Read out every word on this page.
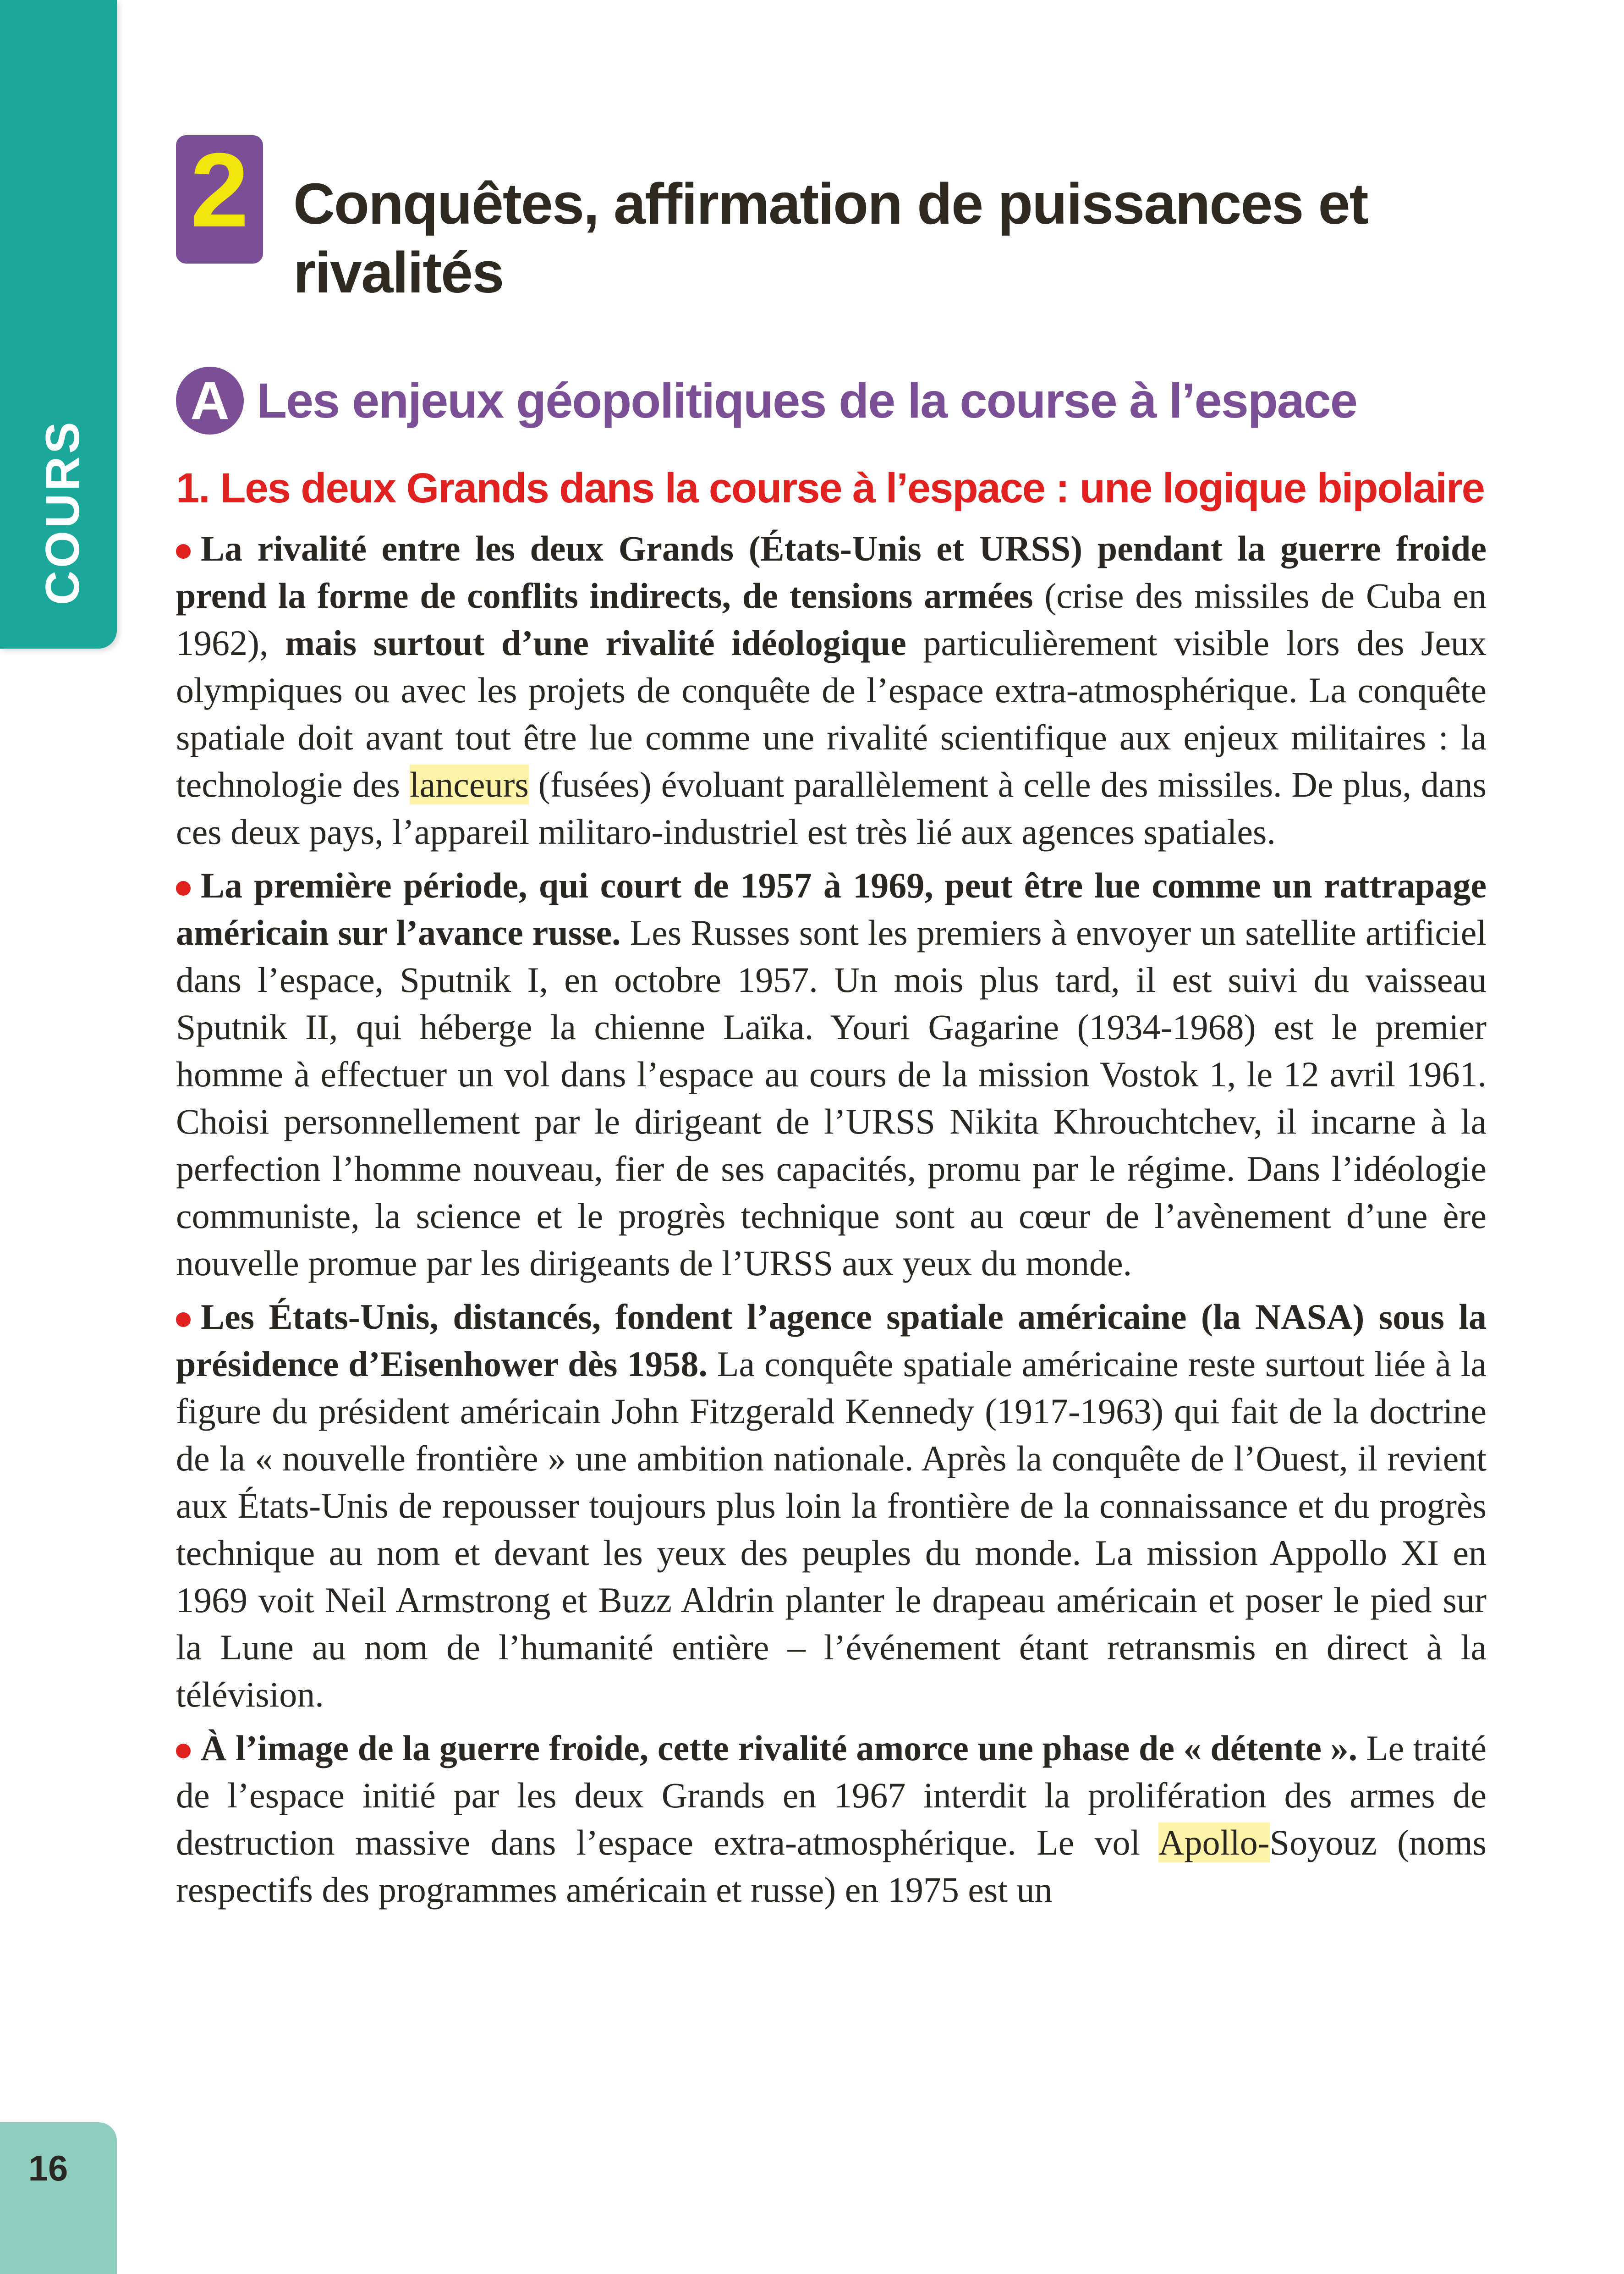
COURS
16
2 Conquêtes, affirmation de puissances et rivalités
A Les enjeux géopolitiques de la course à l’espace
1. Les deux Grands dans la course à l’espace : une logique bipolaire

La rivalité entre les deux Grands (États-Unis et URSS) pendant la guerre froide prend la forme de conflits indirects, de tensions armées (crise des missiles de Cuba en 1962), mais surtout d’une rivalité idéologique particulièrement visible lors des Jeux olympiques ou avec les projets de conquête de l’espace extra-atmosphérique. La conquête spatiale doit avant tout être lue comme une rivalité scientifique aux enjeux militaires : la technologie des lanceurs (fusées) évoluant parallèlement à celle des missiles. De plus, dans ces deux pays, l’appareil militaro-industriel est très lié aux agences spatiales.

La première période, qui court de 1957 à 1969, peut être lue comme un rattrapage américain sur l’avance russe. Les Russes sont les premiers à envoyer un satellite artificiel dans l’espace, Sputnik I, en octobre 1957. Un mois plus tard, il est suivi du vaisseau Sputnik II, qui héberge la chienne Laïka. Youri Gagarine (1934-1968) est le premier homme à effectuer un vol dans l’espace au cours de la mission Vostok 1, le 12 avril 1961. Choisi personnellement par le dirigeant de l’URSS Nikita Khrouchtchev, il incarne à la perfection l’homme nouveau, fier de ses capacités, promu par le régime. Dans l’idéologie communiste, la science et le progrès technique sont au cœur de l’avènement d’une ère nouvelle promue par les dirigeants de l’URSS aux yeux du monde.

Les États-Unis, distancés, fondent l’agence spatiale américaine (la NASA) sous la présidence d’Eisenhower dès 1958. La conquête spatiale américaine reste surtout liée à la figure du président américain John Fitzgerald Kennedy (1917-1963) qui fait de la doctrine de la « nouvelle frontière » une ambition nationale. Après la conquête de l’Ouest, il revient aux États-Unis de repousser toujours plus loin la frontière de la connaissance et du progrès technique au nom et devant les yeux des peuples du monde. La mission Appollo XI en 1969 voit Neil Armstrong et Buzz Aldrin planter le drapeau américain et poser le pied sur la Lune au nom de l’humanité entière – l’événement étant retransmis en direct à la télévision.

À l’image de la guerre froide, cette rivalité amorce une phase de « détente ». Le traité de l’espace initié par les deux Grands en 1967 interdit la prolifération des armes de destruction massive dans l’espace extra-atmosphérique. Le vol Apollo-Soyouz (noms respectifs des programmes américain et russe) en 1975 est un
